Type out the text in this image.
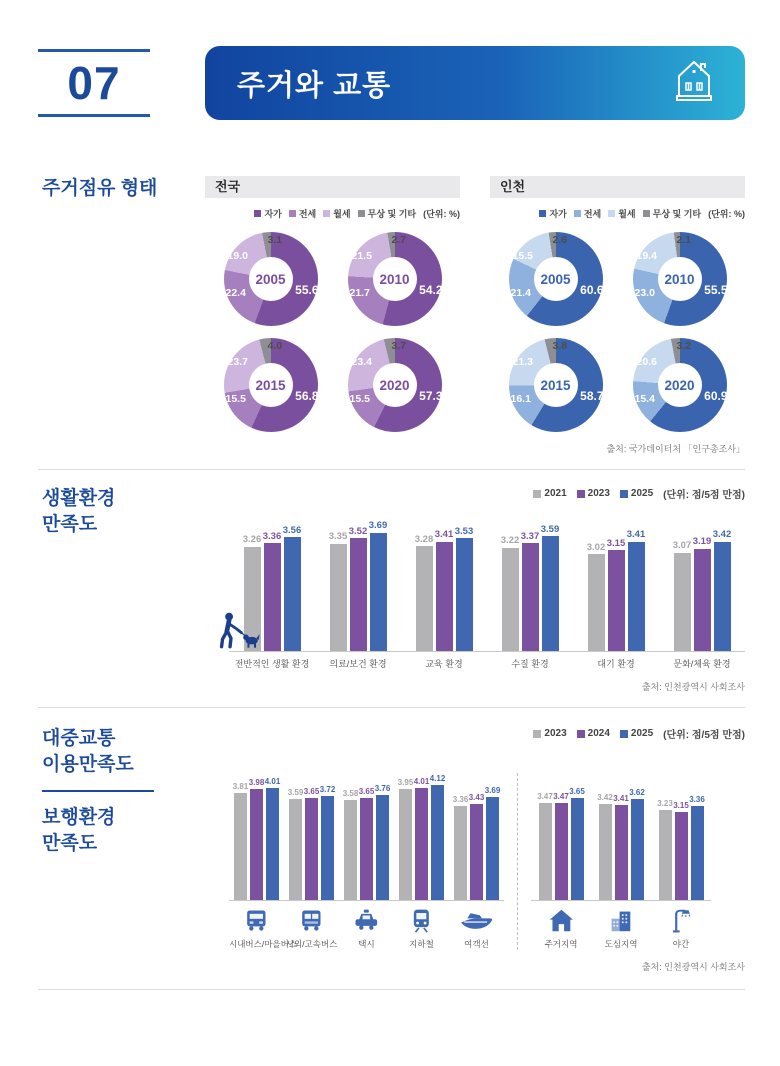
07	주거와 교통
주거점유 형태	전국
자가 전세 월세 무상 및 기타 (단위: %)
55.6
22.4
19.0
3.1
2005
54.2
21.7
21.5
2.7
2010
56.8
15.5
23.7
4.0
2015
57.3
15.5
23.4
3.7
2020
인천
자가 전세 월세 무상 및 기타 (단위: %)
60.6
21.4
15.5
2.6
2005
55.5
23.0
19.4
2.1
2010
58.7
16.1
21.3
3.8
2015
60.9
15.4
20.6
3.2
2020
출처: 국가데이터처 「인구총조사」
생활환경
만족도
2021 2023 2025 (단위: 점/5점 만점)
3.26 3.36
3.56
3.35 3.52 3.69
3.28 3.41 3.53
3.22 3.37
3.59
3.02 3.15
3.41
3.07 3.19
3.42
전반적인 생활 환경	의료/보건 환경	교육 환경	수질 환경	대기 환경	문화/체육 환경
출처: 인천광역시 사회조사
대중교통
이용만족도
보행환경
만족도
2023 2024 2025 (단위: 점/5점 만점)
3.81
3.98 4.01
3.59 3.65 3.72 3.58 3.65 3.76
3.95 4.01 4.12
3.36 3.43
3.69
시내버스/마을버스
시외/고속버스	택시	지하철	여객선
3.47 3.47
3.65
3.42 3.41
3.62
3.23 3.15
3.36
주거지역	도심지역	야간
출처: 인천광역시 사회조사
